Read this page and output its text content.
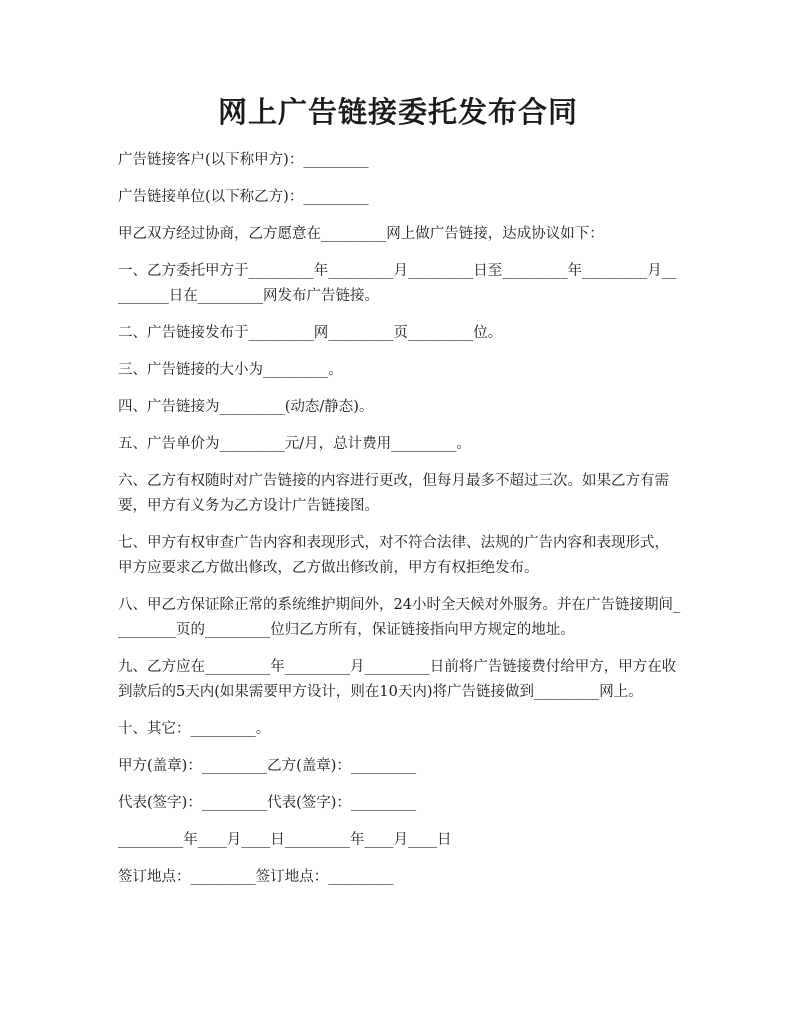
网上广告链接委托发布合同

广告链接客户(以下称甲方)：_________

广告链接单位(以下称乙方)：_________

甲乙双方经过协商，乙方愿意在_________网上做广告链接，达成协议如下：

一、乙方委托甲方于_________年_________月_________日至_________年_________月_________日在_________网发布广告链接。

二、广告链接发布于_________网_________页_________位。

三、广告链接的大小为_________。

四、广告链接为_________(动态/静态)。

五、广告单价为_________元/月，总计费用_________。

六、乙方有权随时对广告链接的内容进行更改，但每月最多不超过三次。如果乙方有需要，甲方有义务为乙方设计广告链接图。

七、甲方有权审查广告内容和表现形式，对不符合法律、法规的广告内容和表现形式，甲方应要求乙方做出修改，乙方做出修改前，甲方有权拒绝发布。

八、甲乙方保证除正常的系统维护期间外，24小时全天候对外服务。并在广告链接期间_________页的_________位归乙方所有，保证链接指向甲方规定的地址。

九、乙方应在_________年_________月_________日前将广告链接费付给甲方，甲方在收到款后的5天内(如果需要甲方设计，则在10天内)将广告链接做到_________网上。

十、其它：_________。

甲方(盖章)：_________乙方(盖章)：_________

代表(签字)：_________代表(签字)：_________

_________年____月____日_________年____月____日

签订地点：_________签订地点：_________
